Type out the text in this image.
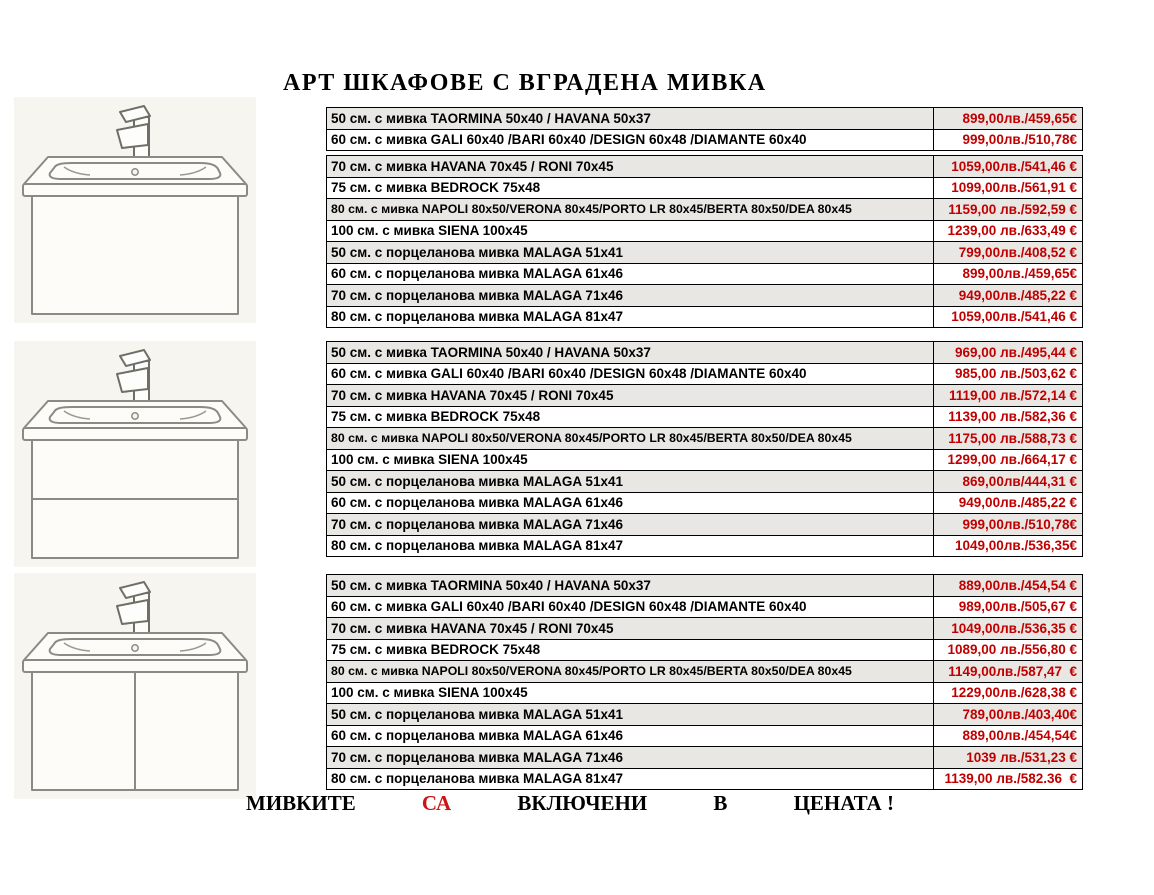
АРТ ШКАФОВЕ С ВГРАДЕНА МИВКА
50 см. с мивка TAORMINA 50x40 / HAVANA 50x37	899,00лв./459,65€
60 см. с мивка GALI 60x40 /BARI 60x40 /DESIGN 60x48 /DIAMANTE 60x40	999,00лв./510,78€
70 см. с мивка HAVANA 70x45 / RONI 70x45	1059,00лв./541,46 €
75 см. с мивка BEDROCK 75x48	1099,00лв./561,91 €
80 см. с мивка NAPOLI 80x50/VERONA 80x45/PORTO LR 80x45/BERTA 80x50/DEA 80x45	1159,00 лв./592,59 €
100 см. с мивка SIENA 100x45	1239,00 лв./633,49 €
50 см. с порцеланова мивка MALAGA 51x41	799,00лв./408,52 €
60 см. с порцеланова мивка MALAGA 61x46	899,00лв./459,65€
70 см. с порцеланова мивка MALAGA 71x46	949,00лв./485,22 €
80 см. с порцеланова мивка MALAGA 81x47	1059,00лв./541,46 €
50 см. с мивка TAORMINA 50x40 / HAVANA 50x37	969,00 лв./495,44 €
60 см. с мивка GALI 60x40 /BARI 60x40 /DESIGN 60x48 /DIAMANTE 60x40	985,00 лв./503,62 €
70 см. с мивка HAVANA 70x45 / RONI 70x45	1119,00 лв./572,14 €
75 см. с мивка BEDROCK 75x48	1139,00 лв./582,36 €
80 см. с мивка NAPOLI 80x50/VERONA 80x45/PORTO LR 80x45/BERTA 80x50/DEA 80x45	1175,00 лв./588,73 €
100 см. с мивка SIENA 100x45	1299,00 лв./664,17 €
50 см. с порцеланова мивка MALAGA 51x41	869,00лв/444,31 €
60 см. с порцеланова мивка MALAGA 61x46	949,00лв./485,22 €
70 см. с порцеланова мивка MALAGA 71x46	999,00лв./510,78€
80 см. с порцеланова мивка MALAGA 81x47	1049,00лв./536,35€
50 см. с мивка TAORMINA 50x40 / HAVANA 50x37	889,00лв./454,54 €
60 см. с мивка GALI 60x40 /BARI 60x40 /DESIGN 60x48 /DIAMANTE 60x40	989,00лв./505,67 €
70 см. с мивка HAVANA 70x45 / RONI 70x45	1049,00лв./536,35 €
75 см. с мивка BEDROCK 75x48	1089,00 лв./556,80 €
80 см. с мивка NAPOLI 80x50/VERONA 80x45/PORTO LR 80x45/BERTA 80x50/DEA 80x45	1149,00лв./587,47  €
100 см. с мивка SIENA 100x45	1229,00лв./628,38 €
50 см. с порцеланова мивка MALAGA 51x41	789,00лв./403,40€
60 см. с порцеланова мивка MALAGA 61x46	889,00лв./454,54€
70 см. с порцеланова мивка MALAGA 71x46	1039 лв./531,23 €
80 см. с порцеланова мивка MALAGA 81x47	1139,00 лв./582.36  €
МИВКИТЕ	СА	ВКЛЮЧЕНИ	В	ЦЕНАТА !
